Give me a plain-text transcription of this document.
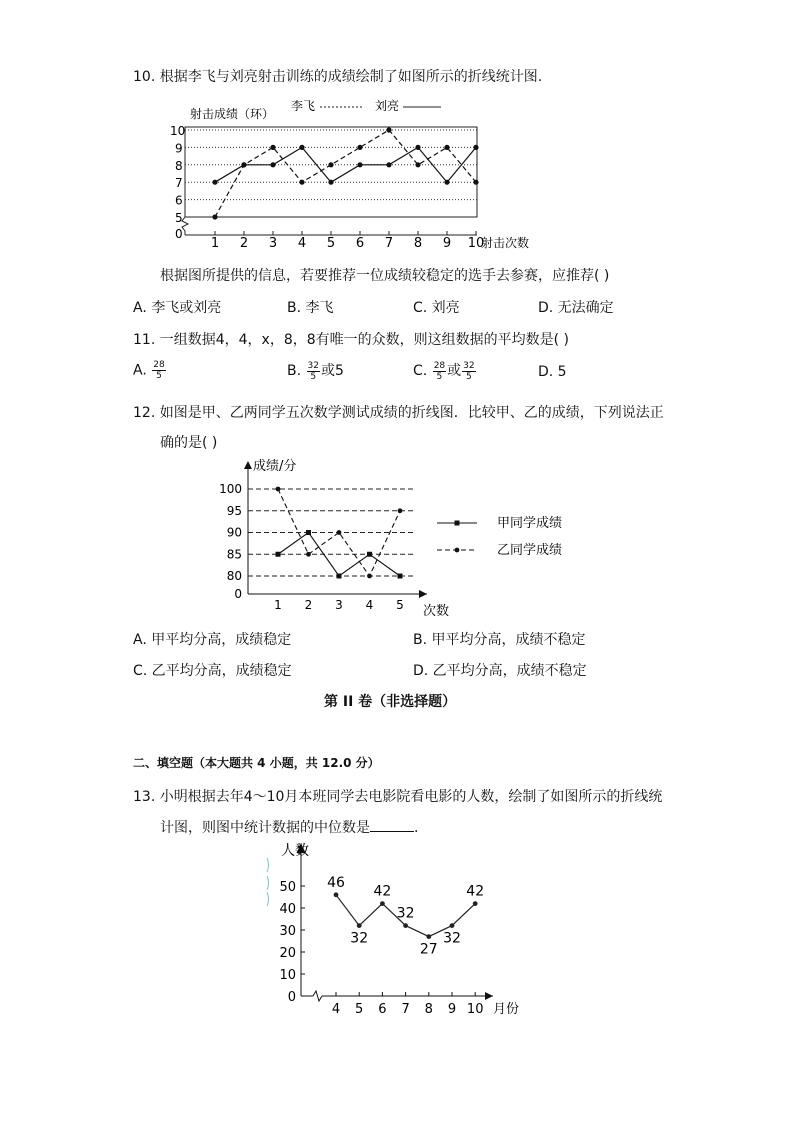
10. 根据李飞与刘亮射击训练的成绩绘制了如图所示的折线统计图.
0
5
6
7
8
9
10
1 2 3 4 5 6 7 8 9 10
射击次数
射击成绩（环）
李飞	刘亮
根据图所提供的信息，若要推荐一位成绩较稳定的选手去参赛，应推荐( )
A. 李飞或刘亮	B. 李飞	C. 刘亮	D. 无法确定
11. 一组数据4，4，x，8，8有唯一的众数，则这组数据的平均数是( )
A. $\frac{28}{5}$	B. $\frac{32}{5}$ 或5	C. $\frac{28}{5}$ 或 $\frac{32}{5}$	D. 5
12. 如图是甲、乙两同学五次数学测试成绩的折线图．比较甲、乙的成绩，下列说法正
确的是( )
0
80
85
90
95
100
1 2 3 4 5
成绩/分
次数
甲同学成绩
乙同学成绩
A. 甲平均分高，成绩稳定	B. 甲平均分高，成绩不稳定
C. 乙平均分高，成绩稳定	D. 乙平均分高，成绩不稳定
第 II 卷（非选择题）
二、填空题（本大题共 4 小题，共 12.0 分）
13. 小明根据去年4～10月本班同学去电影院看电影的人数，绘制了如图所示的折线统
计图，则图中统计数据的中位数是	.
0
10
20
30
40
50
4 5 6 7 8 9 10
人数
月份
46
32
42
32
27
32
42
